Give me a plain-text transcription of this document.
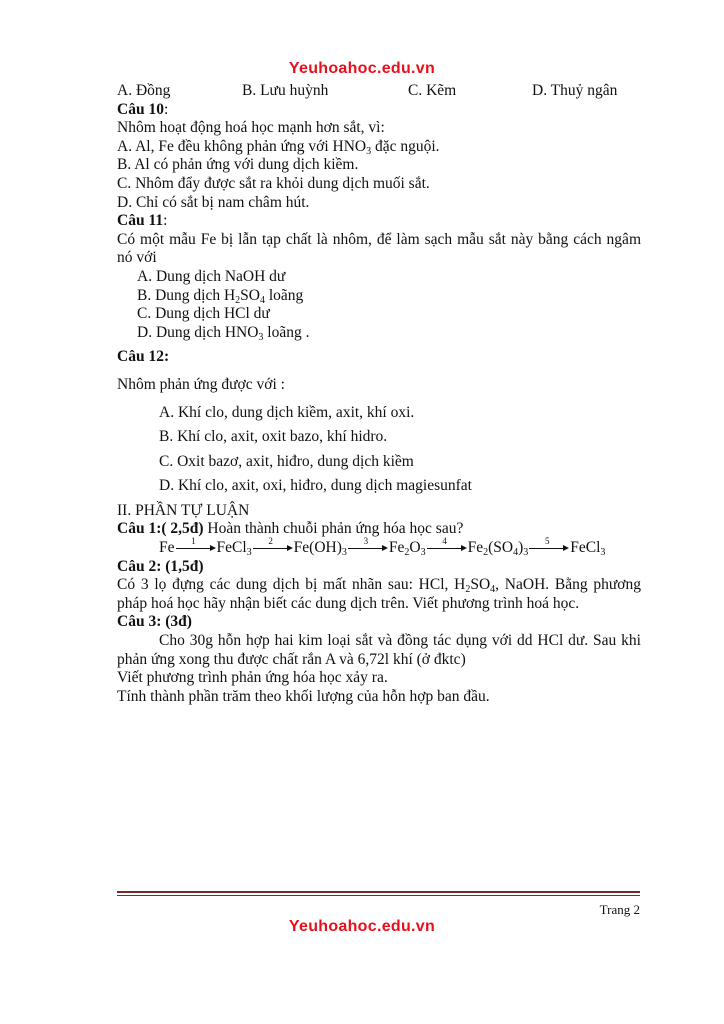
Yeuhoahoc.edu.vn
A. Đồng	B. Lưu huỳnh	C. Kẽm	D. Thuỷ ngân
Câu 10:
Nhôm hoạt động hoá học mạnh hơn sắt, vì:
A. Al, Fe đều không phản ứng với $HNO_3$ đặc nguội.
B. Al có phản ứng với dung dịch kiềm.
C. Nhôm đẩy được sắt ra khỏi dung dịch muối sắt.
D. Chỉ có sắt bị nam châm hút.
Câu 11:
Có một mẫu Fe bị lẫn tạp chất là nhôm, để làm sạch mẫu sắt này bằng cách ngâm nó với
A. Dung dịch NaOH dư
B. Dung dịch $H_2SO_4$ loãng
C. Dung dịch HCl dư
D. Dung dịch $HNO_3$ loãng .
Câu 12:
Nhôm phản ứng được với :
A. Khí clo, dung dịch kiềm, axit, khí oxi.
B. Khí clo, axit, oxit bazo, khí hidro.
C. Oxit bazơ, axit, hiđro, dung dịch kiềm
D. Khí clo, axit, oxi, hiđro, dung dịch magiesunfat
II. PHẦN TỰ LUẬN
Câu 1:( 2,5đ) Hoàn thành chuỗi phản ứng hóa học sau?
Fe	1	FeCl$_3$
2	$Fe(OH)_3$
3	$Fe_2O_3$
4	$Fe_2(SO_4)_3$
5	FeCl$_3$
Câu 2: (1,5đ)
Có 3 lọ đựng các dung dịch bị mất nhãn sau: HCl, $H_2SO_4$, NaOH. Bằng phương pháp hoá học hãy nhận biết các dung dịch trên. Viết phương trình hoá học.
Câu 3: (3đ)
Cho 30g hỗn hợp hai kim loại sắt và đồng tác dụng với dd HCl dư. Sau khi phản ứng xong thu được chất rắn A và 6,72l khí (ở đktc)
Viết phương trình phản ứng hóa học xảy ra.
Tính thành phần trăm theo khối lượng của hỗn hợp ban đầu.
Trang 2
Yeuhoahoc.edu.vn
